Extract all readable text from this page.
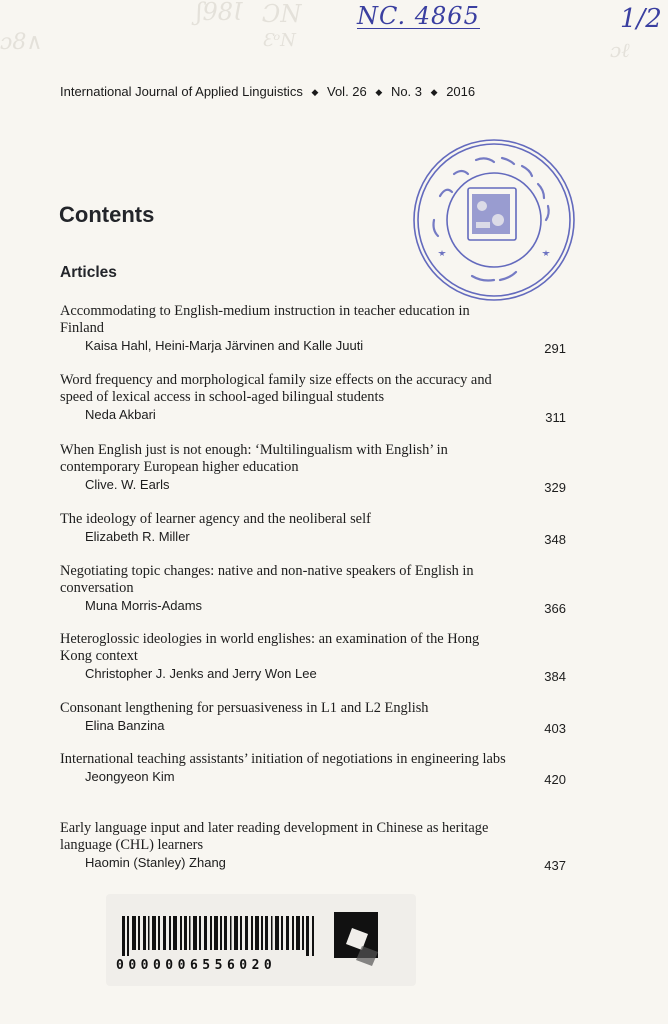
NC. 4865	1/2
ɔ8∧
ʃ98Ɩ ƆN
ƐᵒN	ɔℓ
International Journal of Applied Linguistics ◆ Vol. 26 ◆ No. 3 ◆ 2016
Contents
Articles
Accommodating to English-medium instruction in teacher education in Finland
Kaisa Hahl, Heini-Marja Järvinen and Kalle Juuti	291
Word frequency and morphological family size effects on the accuracy and speed of lexical access in school-aged bilingual students
Neda Akbari	311
When English just is not enough: ‘Multilingualism with English’ in contemporary European higher education
Clive. W. Earls	329
The ideology of learner agency and the neoliberal self
Elizabeth R. Miller	348
Negotiating topic changes: native and non-native speakers of English in conversation
Muna Morris-Adams	366
Heteroglossic ideologies in world englishes: an examination of the Hong Kong context
Christopher J. Jenks and Jerry Won Lee	384
Consonant lengthening for persuasiveness in L1 and L2 English
Elina Banzina	403
International teaching assistants’ initiation of negotiations in engineering labs
Jeongyeon Kim	420
Early language input and later reading development in Chinese as heritage language (CHL) learners
Haomin (Stanley) Zhang	437
0000006556020
